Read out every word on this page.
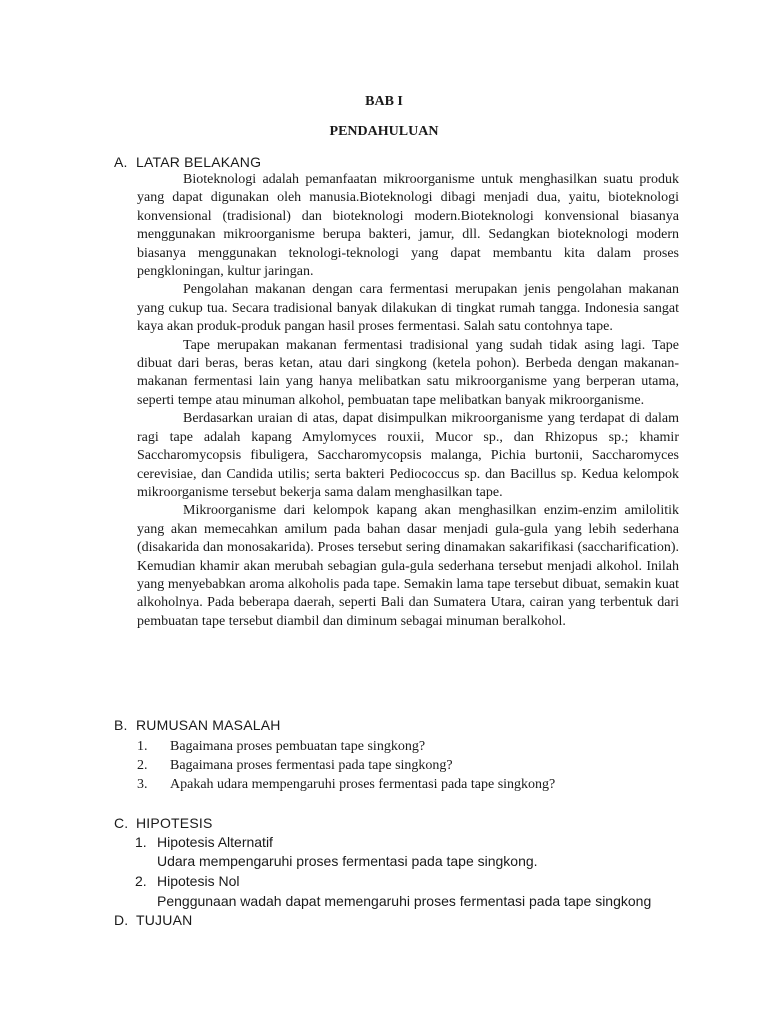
BAB I
PENDAHULUAN
A. LATAR BELAKANG

Bioteknologi adalah pemanfaatan mikroorganisme untuk menghasilkan suatu produk yang dapat digunakan oleh manusia.Bioteknologi dibagi menjadi dua, yaitu, bioteknologi konvensional (tradisional) dan bioteknologi modern.Bioteknologi konvensional biasanya menggunakan mikroorganisme berupa bakteri, jamur, dll. Sedangkan bioteknologi modern biasanya menggunakan teknologi-teknologi yang dapat membantu kita dalam proses pengkloningan, kultur jaringan.

Pengolahan makanan dengan cara fermentasi merupakan jenis pengolahan makanan yang cukup tua. Secara tradisional banyak dilakukan di tingkat rumah tangga. Indonesia sangat kaya akan produk-produk pangan hasil proses fermentasi. Salah satu contohnya tape.

Tape merupakan makanan fermentasi tradisional yang sudah tidak asing lagi. Tape dibuat dari beras, beras ketan, atau dari singkong (ketela pohon). Berbeda dengan makanan-makanan fermentasi lain yang hanya melibatkan satu mikroorganisme yang berperan utama, seperti tempe atau minuman alkohol, pembuatan tape melibatkan banyak mikroorganisme.

Berdasarkan uraian di atas, dapat disimpulkan mikroorganisme yang terdapat di dalam ragi tape adalah kapang Amylomyces rouxii, Mucor sp., dan Rhizopus sp.; khamir Saccharomycopsis fibuligera, Saccharomycopsis malanga, Pichia burtonii, Saccharomyces cerevisiae, dan Candida utilis; serta bakteri Pediococcus sp. dan Bacillus sp. Kedua kelompok mikroorganisme tersebut bekerja sama dalam menghasilkan tape.

Mikroorganisme dari kelompok kapang akan menghasilkan enzim-enzim amilolitik yang akan memecahkan amilum pada bahan dasar menjadi gula-gula yang lebih sederhana (disakarida dan monosakarida). Proses tersebut sering dinamakan sakarifikasi (saccharification). Kemudian khamir akan merubah sebagian gula-gula sederhana tersebut menjadi alkohol. Inilah yang menyebabkan aroma alkoholis pada tape. Semakin lama tape tersebut dibuat, semakin kuat alkoholnya. Pada beberapa daerah, seperti Bali dan Sumatera Utara, cairan yang terbentuk dari pembuatan tape tersebut diambil dan diminum sebagai minuman beralkohol.

B. RUMUSAN MASALAH
1. Bagaimana proses pembuatan tape singkong?
2. Bagaimana proses fermentasi pada tape singkong?
3. Apakah udara mempengaruhi proses fermentasi pada tape singkong?
C. HIPOTESIS
1. Hipotesis Alternatif
Udara mempengaruhi proses fermentasi pada tape singkong.
2. Hipotesis Nol
Penggunaan wadah dapat memengaruhi proses fermentasi pada tape singkong
D. TUJUAN
